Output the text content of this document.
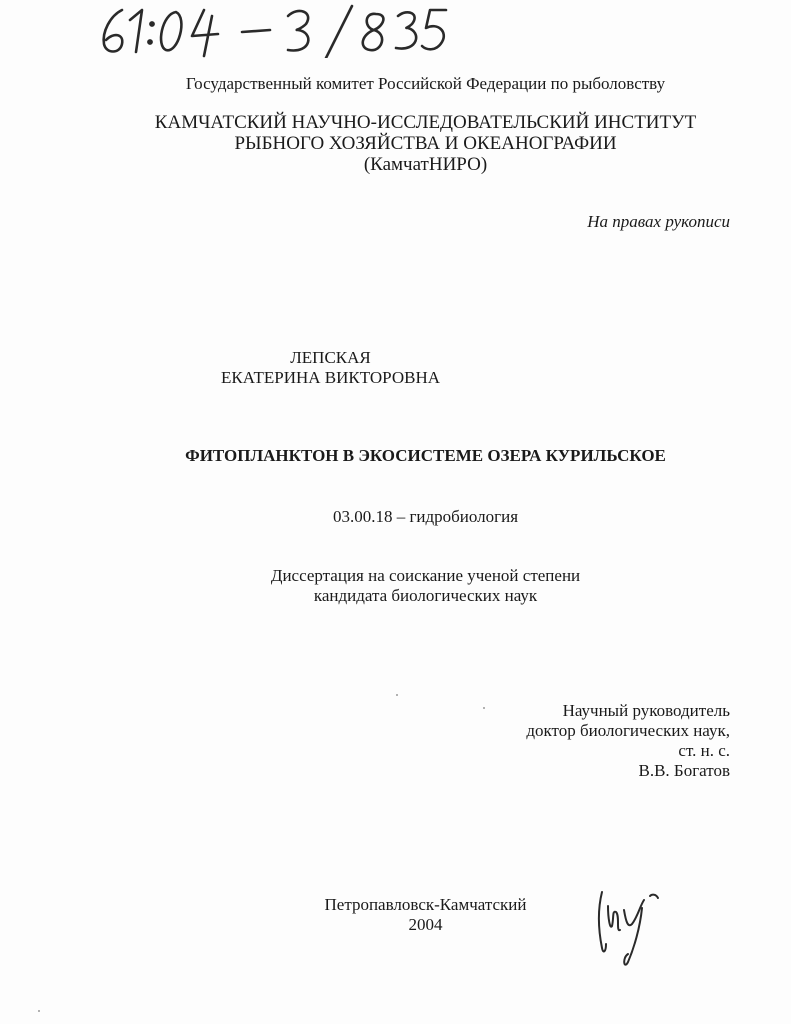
Государственный комитет Российской Федерации по рыболовству
КАМЧАТСКИЙ НАУЧНО-ИССЛЕДОВАТЕЛЬСКИЙ ИНСТИТУТ
РЫБНОГО ХОЗЯЙСТВА И ОКЕАНОГРАФИИ
(КамчатНИРО)
На правах рукописи
ЛЕПСКАЯ
ЕКАТЕРИНА ВИКТОРОВНА
ФИТОПЛАНКТОН В ЭКОСИСТЕМЕ ОЗЕРА КУРИЛЬСКОЕ
03.00.18 – гидробиология
Диссертация на соискание ученой степени
кандидата биологических наук
Научный руководитель
доктор биологических наук,
ст. н. с.
В.В. Богатов
Петропавловск-Камчатский
2004
